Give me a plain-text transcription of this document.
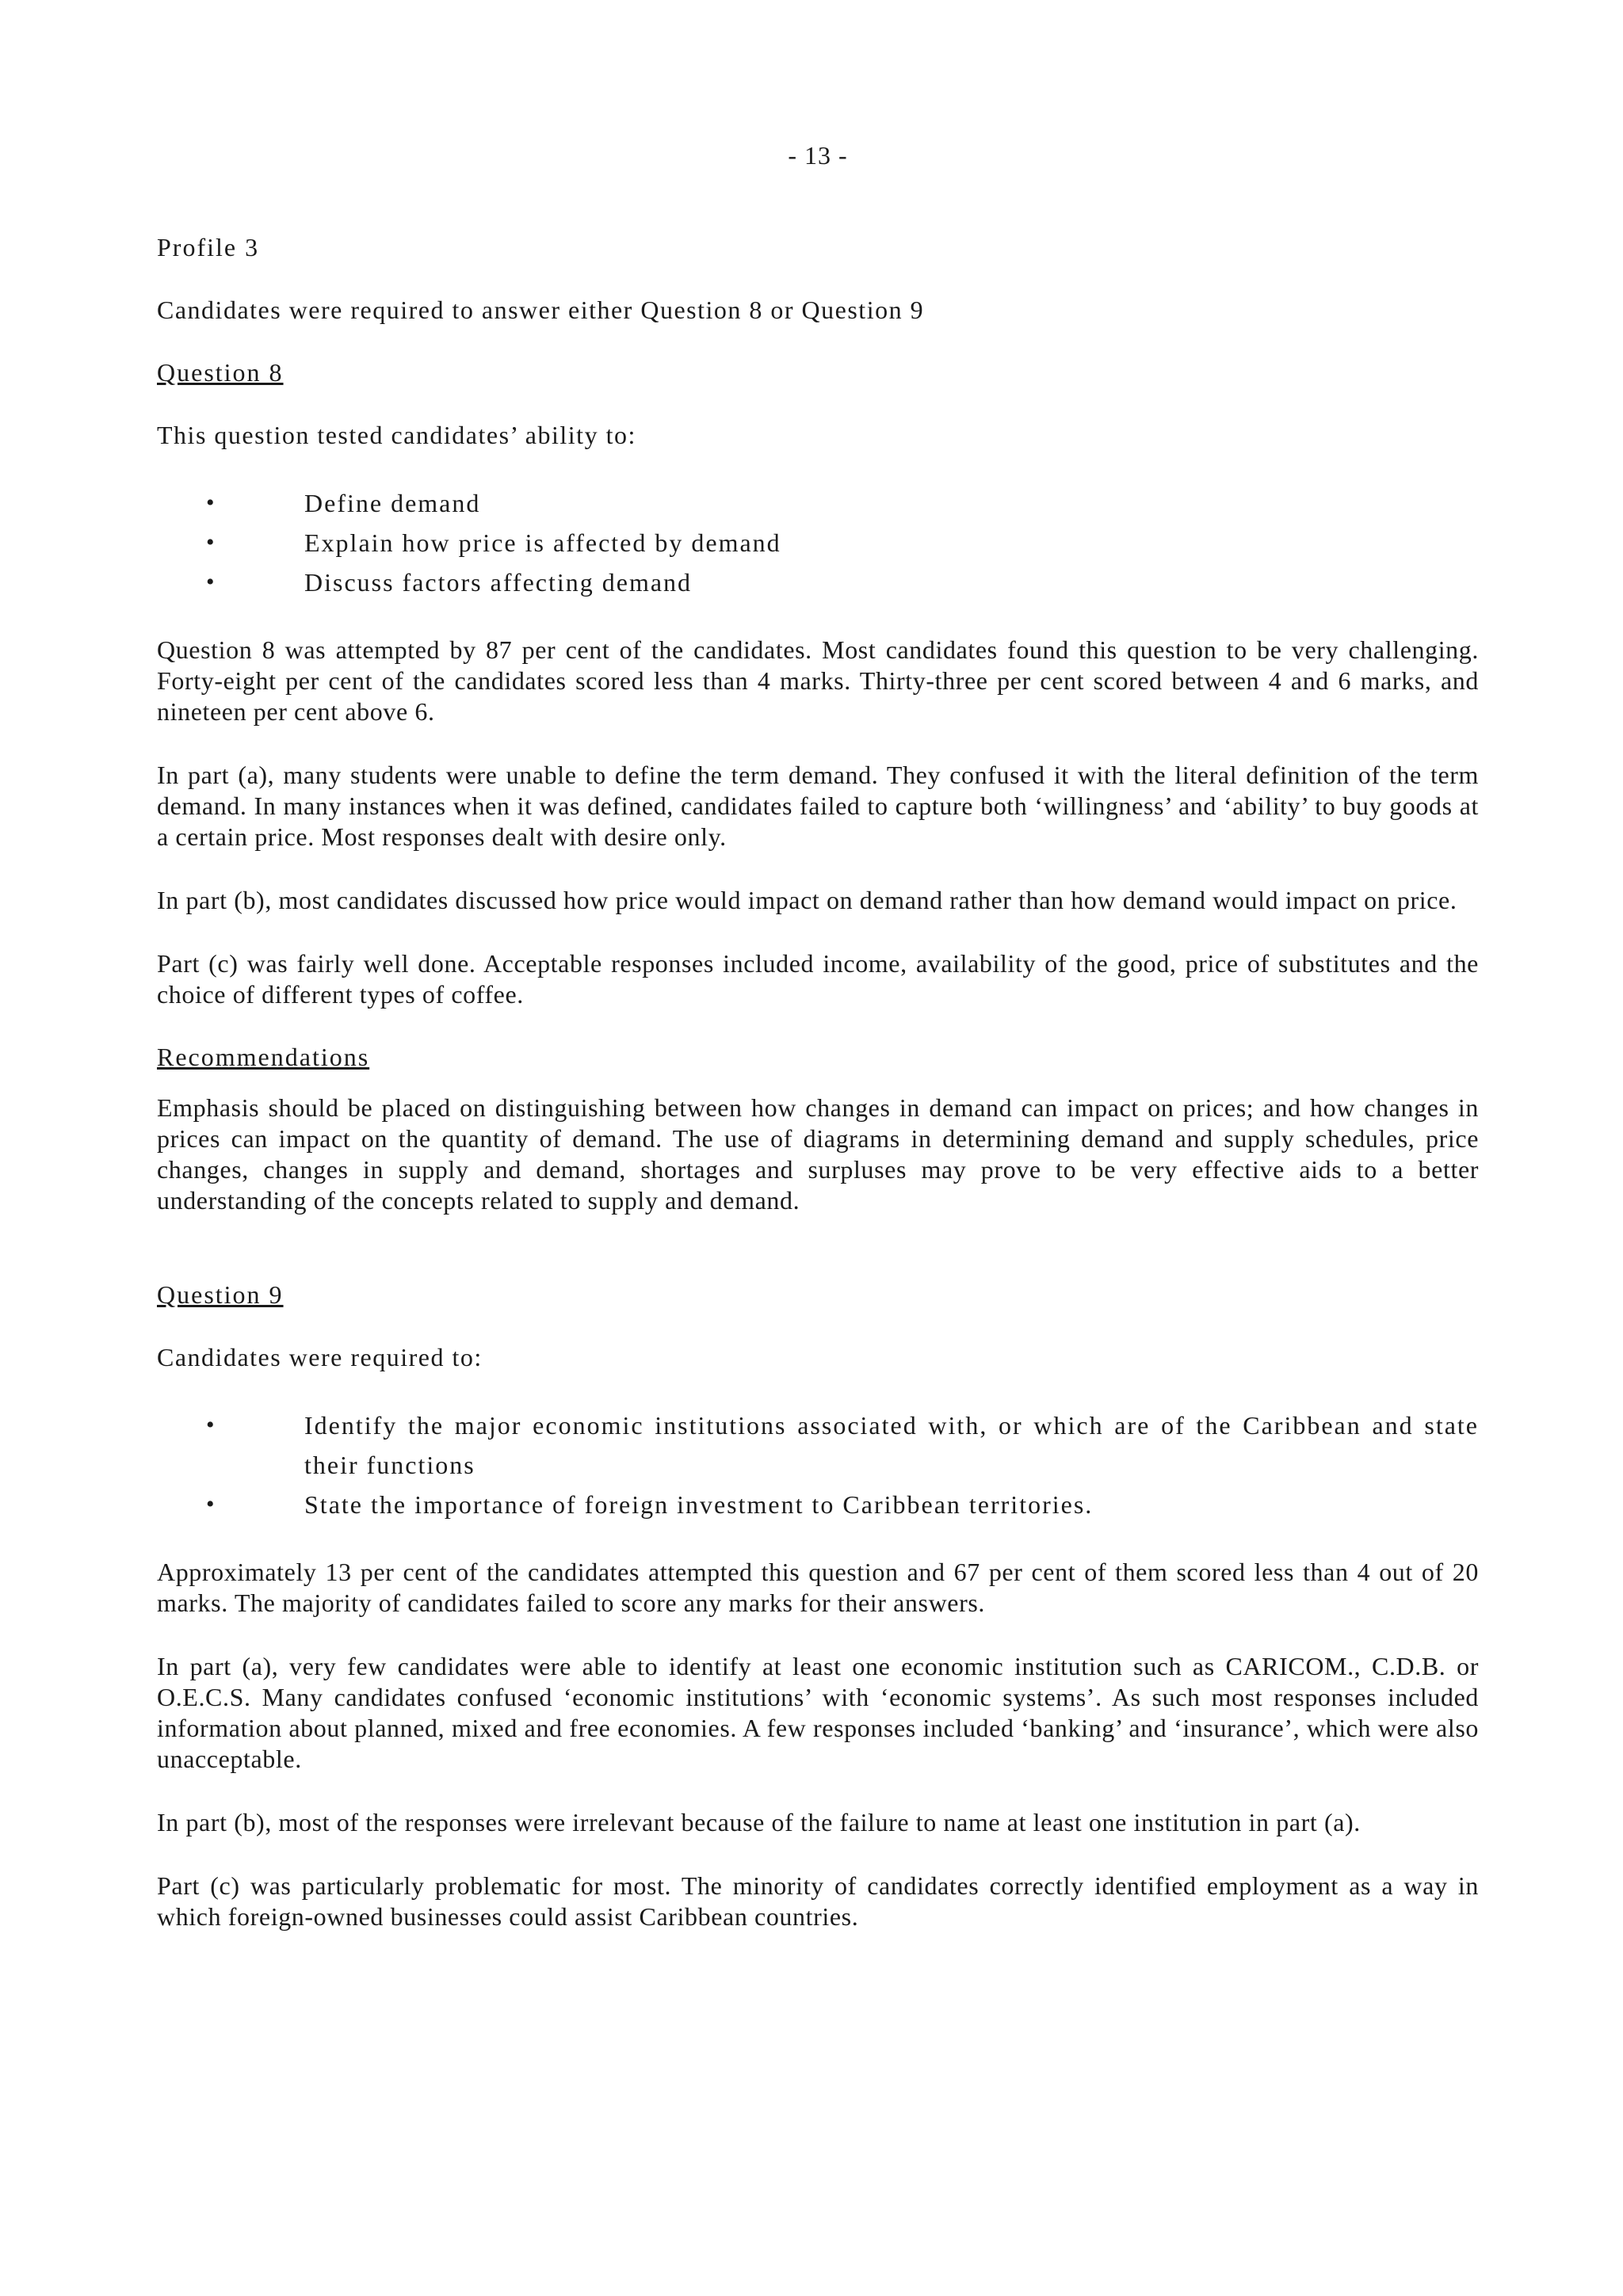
- 13 -
Profile 3
Candidates were required to answer either Question 8 or Question 9
Question 8
This question tested candidates’ ability to:
•	Define demand
•	Explain how price is affected by demand
•	Discuss factors affecting demand
Question 8 was attempted by 87 per cent of the candidates. Most candidates found this question to be very challenging. Forty-eight per cent of the candidates scored less than 4 marks. Thirty-three per cent scored between 4 and 6 marks, and nineteen per cent above 6.
In part (a), many students were unable to define the term demand. They confused it with the literal definition of the term demand. In many instances when it was defined, candidates failed to capture both ‘willingness’ and ‘ability’ to buy goods at a certain price. Most responses dealt with desire only.
In part (b), most candidates discussed how price would impact on demand rather than how demand would impact on price.
Part (c) was fairly well done. Acceptable responses included income, availability of the good, price of substitutes and the choice of different types of coffee.
Recommendations
Emphasis should be placed on distinguishing between how changes in demand can impact on prices; and how changes in prices can impact on the quantity of demand. The use of diagrams in determining demand and supply schedules, price changes, changes in supply and demand, shortages and surpluses may prove to be very effective aids to a better understanding of the concepts related to supply and demand.
Question 9
Candidates were required to:
•	Identify the major economic institutions associated with, or which are of the Caribbean and state their functions
•	State the importance of foreign investment to Caribbean territories.
Approximately 13 per cent of the candidates attempted this question and 67 per cent of them scored less than 4 out of 20 marks. The majority of candidates failed to score any marks for their answers.
In part (a), very few candidates were able to identify at least one economic institution such as CARICOM., C.D.B. or O.E.C.S. Many candidates confused ‘economic institutions’ with ‘economic systems’. As such most responses included information about planned, mixed and free economies. A few responses included ‘banking’ and ‘insurance’, which were also unacceptable.
In part (b), most of the responses were irrelevant because of the failure to name at least one institution in part (a).
Part (c) was particularly problematic for most. The minority of candidates correctly identified employment as a way in which foreign-owned businesses could assist Caribbean countries.
